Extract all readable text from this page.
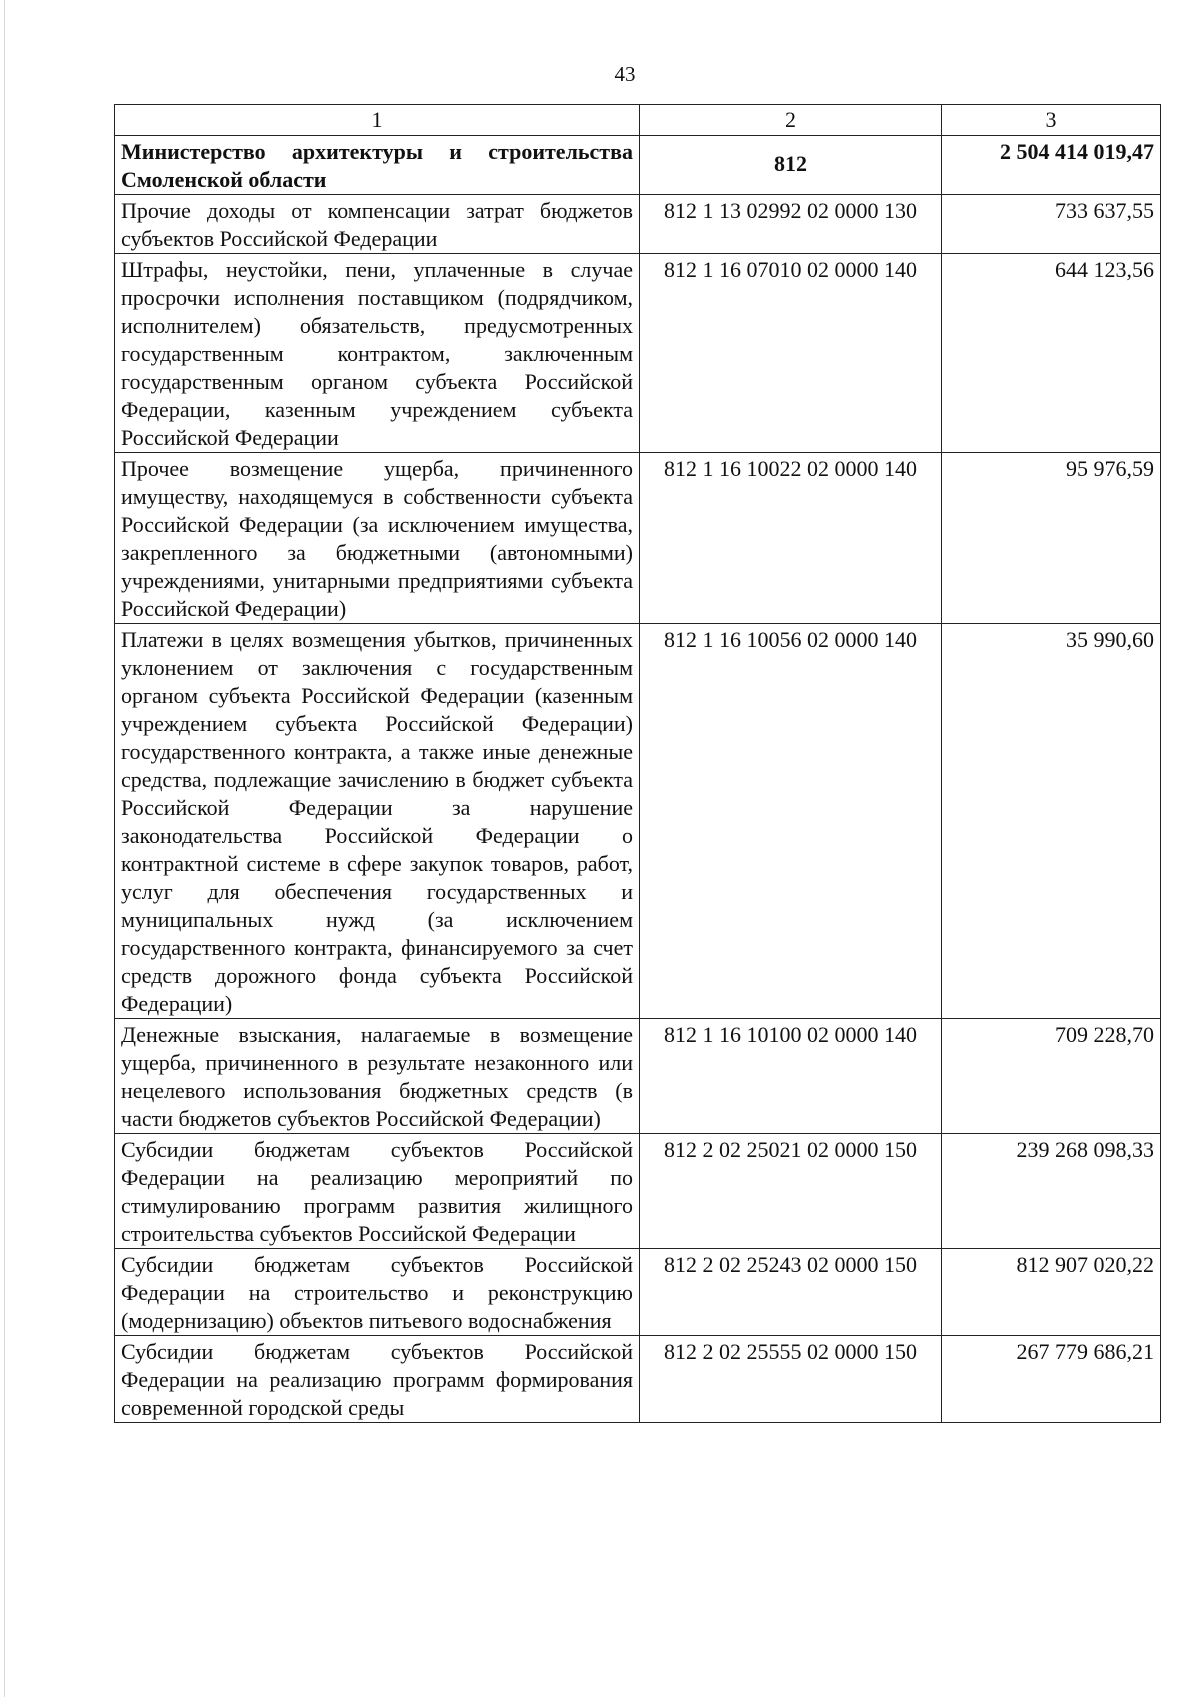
43
1	2	3
Министерство архитектуры и строительства Смоленской области	812	2 504 414 019,47
Прочие доходы от компенсации затрат бюджетов субъектов Российской Федерации	812 1 13 02992 02 0000 130	733 637,55
Штрафы, неустойки, пени, уплаченные в случае просрочки исполнения поставщиком (подрядчиком, исполнителем) обязательств, предусмотренных государственным контрактом, заключенным государственным органом субъекта Российской Федерации, казенным учреждением субъекта Российской Федерации	812 1 16 07010 02 0000 140	644 123,56
Прочее возмещение ущерба, причиненного имуществу, находящемуся в собственности субъекта Российской Федерации (за исключением имущества, закрепленного за бюджетными (автономными) учреждениями, унитарными предприятиями субъекта Российской Федерации)	812 1 16 10022 02 0000 140	95 976,59
Платежи в целях возмещения убытков, причиненных уклонением от заключения с государственным органом субъекта Российской Федерации (казенным учреждением субъекта Российской Федерации) государственного контракта, а также иные денежные средства, подлежащие зачислению в бюджет субъекта Российской Федерации за нарушение законодательства Российской Федерации о контрактной системе в сфере закупок товаров, работ, услуг для обеспечения государственных и муниципальных нужд (за исключением государственного контракта, финансируемого за счет средств дорожного фонда субъекта Российской Федерации)	812 1 16 10056 02 0000 140	35 990,60
Денежные взыскания, налагаемые в возмещение ущерба, причиненного в результате незаконного или нецелевого использования бюджетных средств (в части бюджетов субъектов Российской Федерации)	812 1 16 10100 02 0000 140	709 228,70
Субсидии бюджетам субъектов Российской Федерации на реализацию мероприятий по стимулированию программ развития жилищного строительства субъектов Российской Федерации	812 2 02 25021 02 0000 150	239 268 098,33
Субсидии бюджетам субъектов Российской Федерации на строительство и реконструкцию (модернизацию) объектов питьевого водоснабжения	812 2 02 25243 02 0000 150	812 907 020,22
Субсидии бюджетам субъектов Российской Федерации на реализацию программ формирования современной городской среды	812 2 02 25555 02 0000 150	267 779 686,21
